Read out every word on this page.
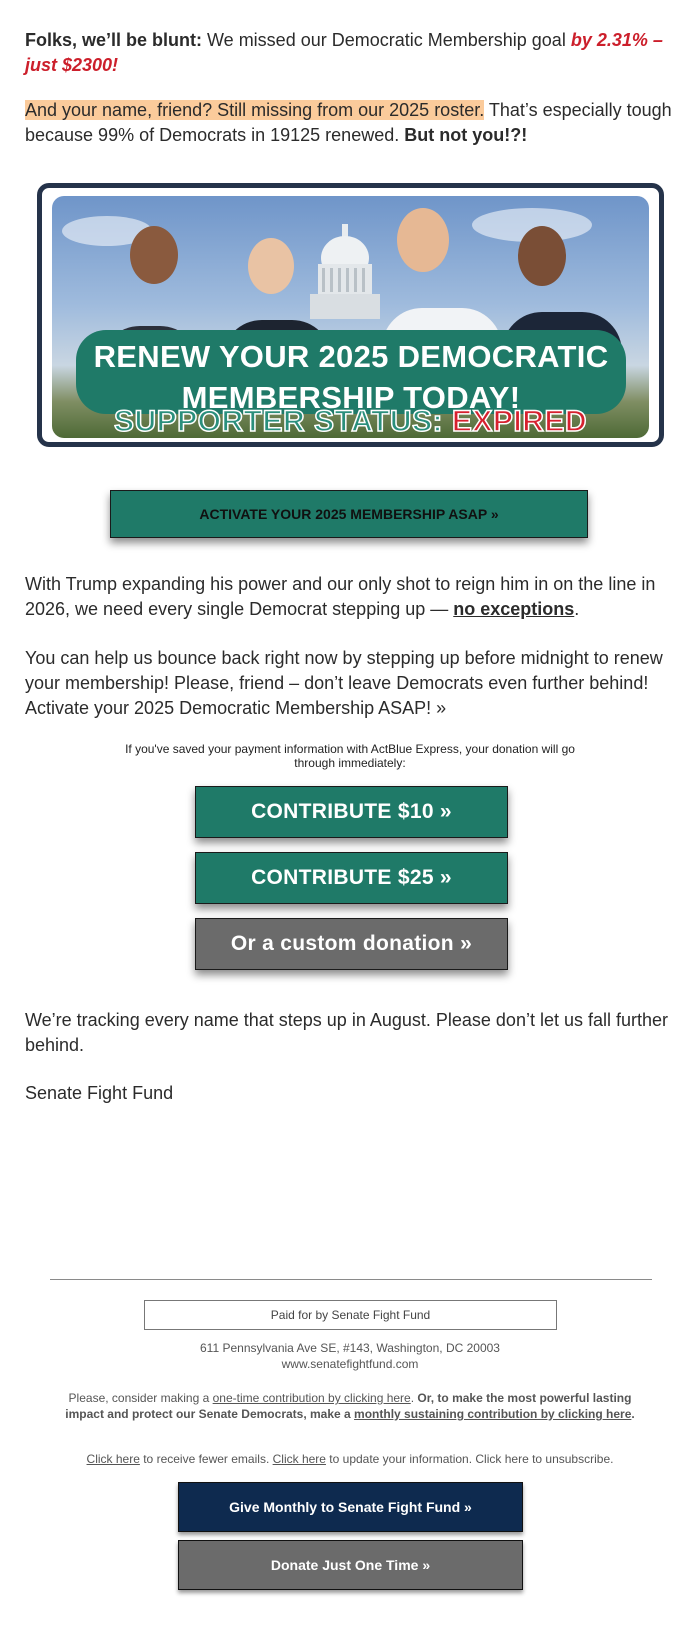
Folks, we’ll be blunt: We missed our Democratic Membership goal by 2.31% – just $2300!
And your name, friend? Still missing from our 2025 roster. That’s especially tough because 99% of Democrats in 19125 renewed. But not you!?!
RENEW YOUR 2025 DEMOCRATIC
MEMBERSHIP TODAY!
SUPPORTER STATUS: EXPIRED
ACTIVATE YOUR 2025 MEMBERSHIP ASAP »
With Trump expanding his power and our only shot to reign him in on the line in 2026, we need every single Democrat stepping up — no exceptions.
You can help us bounce back right now by stepping up before midnight to renew your membership! Please, friend – don’t leave Democrats even further behind! Activate your 2025 Democratic Membership ASAP! »
If you've saved your payment information with ActBlue Express, your donation will go through immediately:
CONTRIBUTE $10 »
CONTRIBUTE $25 »
Or a custom donation »
We’re tracking every name that steps up in August. Please don’t let us fall further behind.
Senate Fight Fund
Paid for by Senate Fight Fund
611 Pennsylvania Ave SE, #143, Washington, DC 20003
www.senatefightfund.com
Please, consider making a one-time contribution by clicking here. Or, to make the most powerful lasting impact and protect our Senate Democrats, make a monthly sustaining contribution by clicking here.
Click here to receive fewer emails. Click here to update your information. Click here to unsubscribe.
Give Monthly to Senate Fight Fund »
Donate Just One Time »
